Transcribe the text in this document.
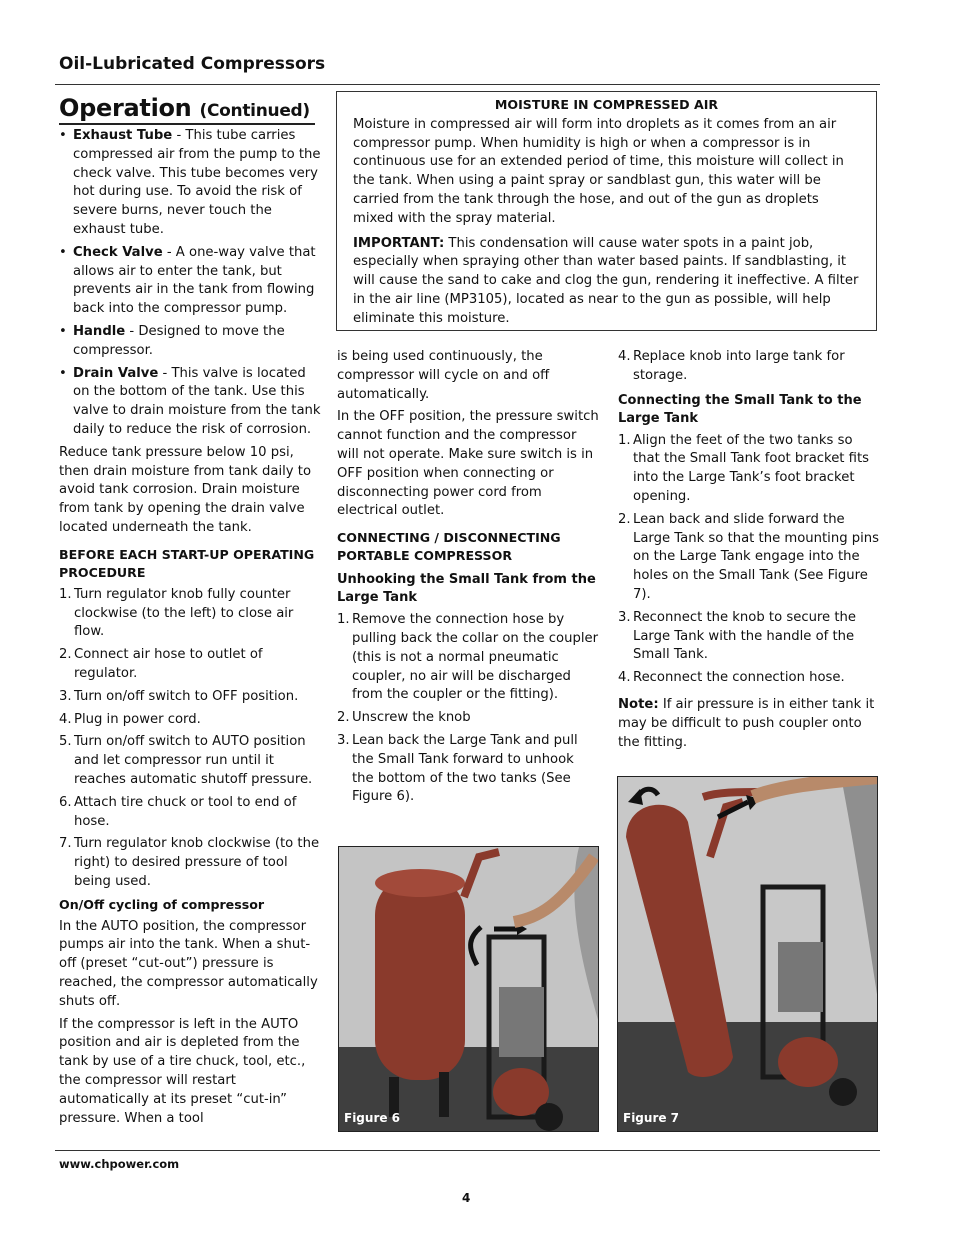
Oil-Lubricated Compressors
Operation (Continued)
• Exhaust Tube - This tube carries compressed air from the pump to the check valve. This tube becomes very hot during use. To avoid the risk of severe burns, never touch the exhaust tube.
• Check Valve - A one-way valve that allows air to enter the tank, but prevents air in the tank from flowing back into the compressor pump.
• Handle - Designed to move the compressor.
• Drain Valve - This valve is located on the bottom of the tank. Use this valve to drain moisture from the tank daily to reduce the risk of corrosion.

Reduce tank pressure below 10 psi, then drain moisture from tank daily to avoid tank corrosion. Drain moisture from tank by opening the drain valve located underneath the tank.

BEFORE EACH START-UP OPERATING PROCEDURE
1. Turn regulator knob fully counter clockwise (to the left) to close air flow.
2. Connect air hose to outlet of regulator.
3. Turn on/off switch to OFF position.
4. Plug in power cord.
5. Turn on/off switch to AUTO position and let compressor run until it reaches automatic shutoff pressure.
6. Attach tire chuck or tool to end of hose.
7. Turn regulator knob clockwise (to the right) to desired pressure of tool being used.
On/Off cycling of compressor

In the AUTO position, the compressor pumps air into the tank. When a shut-off (preset “cut-out”) pressure is reached, the compressor automatically shuts off.

If the compressor is left in the AUTO position and air is depleted from the tank by use of a tire chuck, tool, etc., the compressor will restart automatically at its preset “cut-in” pressure. When a tool

MOISTURE IN COMPRESSED AIR

Moisture in compressed air will form into droplets as it comes from an air compressor pump. When humidity is high or when a compressor is in continuous use for an extended period of time, this moisture will collect in the tank. When using a paint spray or sandblast gun, this water will be carried from the tank through the hose, and out of the gun as droplets mixed with the spray material.

IMPORTANT: This condensation will cause water spots in a paint job, especially when spraying other than water based paints. If sandblasting, it will cause the sand to cake and clog the gun, rendering it ineffective. A filter in the air line (MP3105), located as near to the gun as possible, will help eliminate this moisture.

is being used continuously, the compressor will cycle on and off automatically.

In the OFF position, the pressure switch cannot function and the compressor will not operate. Make sure switch is in OFF position when connecting or disconnecting power cord from electrical outlet.

CONNECTING / DISCONNECTING PORTABLE COMPRESSOR
Unhooking the Small Tank from the Large Tank
1. Remove the connection hose by pulling back the collar on the coupler (this is not a normal pneumatic coupler, no air will be discharged from the coupler or the fitting).
2. Unscrew the knob
3. Lean back the Large Tank and pull the Small Tank forward to unhook the bottom of the two tanks (See Figure 6).
4. Replace knob into large tank for storage.
Connecting the Small Tank to the Large Tank
1. Align the feet of the two tanks so that the Small Tank foot bracket fits into the Large Tank’s foot bracket opening.
2. Lean back and slide forward the Large Tank so that the mounting pins on the Large Tank engage into the holes on the Small Tank (See Figure 7).
3. Reconnect the knob to secure the Large Tank with the handle of the Small Tank.
4. Reconnect the connection hose.

Note: If air pressure is in either tank it may be difficult to push coupler onto the fitting.

Figure 6	Figure 7
www.chpower.com
4
